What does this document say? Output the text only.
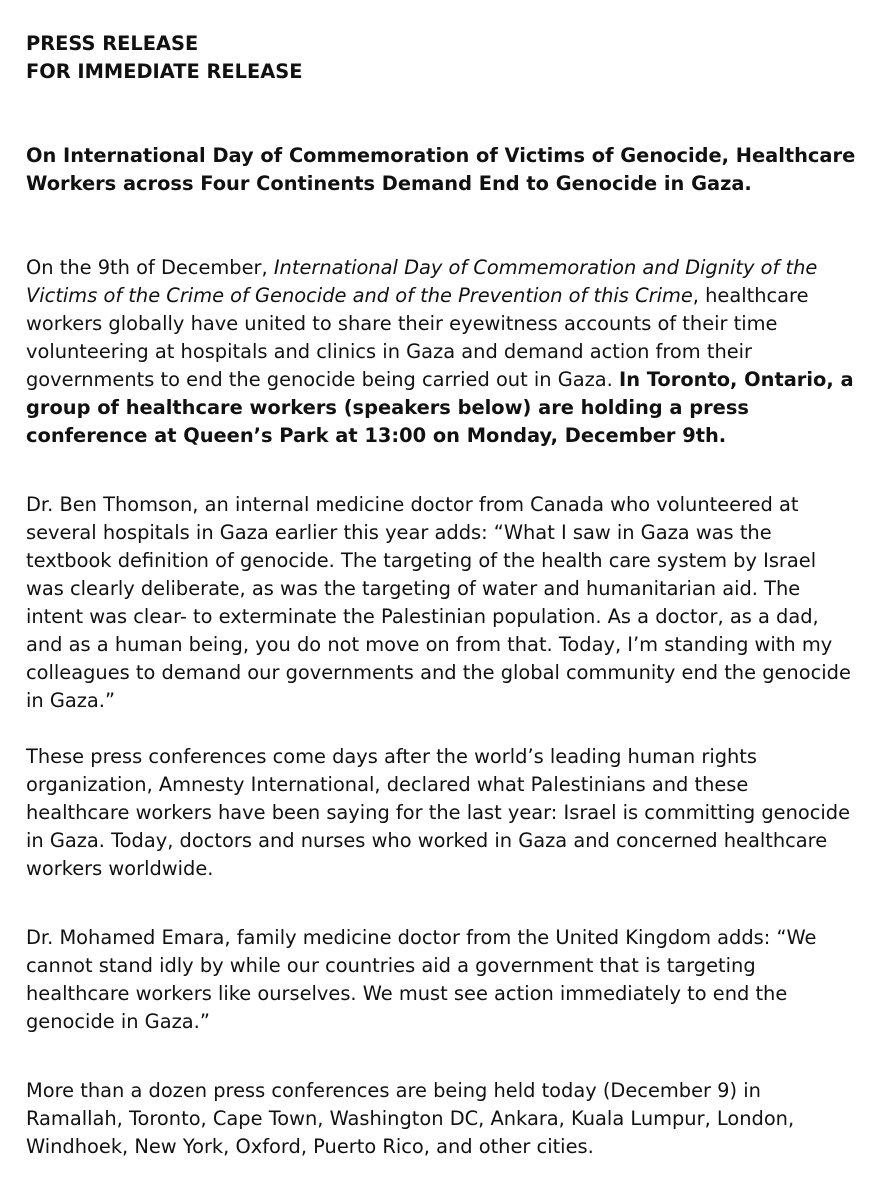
PRESS RELEASE

FOR IMMEDIATE RELEASE

On International Day of Commemoration of Victims of Genocide, Healthcare Workers across Four Continents Demand End to Genocide in Gaza.

On the 9th of December, International Day of Commemoration and Dignity of the Victims of the Crime of Genocide and of the Prevention of this Crime, healthcare workers globally have united to share their eyewitness accounts of their time volunteering at hospitals and clinics in Gaza and demand action from their governments to end the genocide being carried out in Gaza. In Toronto, Ontario, a group of healthcare workers (speakers below) are holding a press conference at Queen’s Park at 13:00 on Monday, December 9th.

Dr. Ben Thomson, an internal medicine doctor from Canada who volunteered at several hospitals in Gaza earlier this year adds: “What I saw in Gaza was the textbook definition of genocide. The targeting of the health care system by Israel was clearly deliberate, as was the targeting of water and humanitarian aid. The intent was clear- to exterminate the Palestinian population. As a doctor, as a dad, and as a human being, you do not move on from that. Today, I’m standing with my colleagues to demand our governments and the global community end the genocide in Gaza.”

These press conferences come days after the world’s leading human rights organization, Amnesty International, declared what Palestinians and these healthcare workers have been saying for the last year: Israel is committing genocide in Gaza. Today, doctors and nurses who worked in Gaza and concerned healthcare workers worldwide.

Dr. Mohamed Emara, family medicine doctor from the United Kingdom adds: “We cannot stand idly by while our countries aid a government that is targeting healthcare workers like ourselves. We must see action immediately to end the genocide in Gaza.”

More than a dozen press conferences are being held today (December 9) in Ramallah, Toronto, Cape Town, Washington DC, Ankara, Kuala Lumpur, London, Windhoek, New York, Oxford, Puerto Rico, and other cities.
